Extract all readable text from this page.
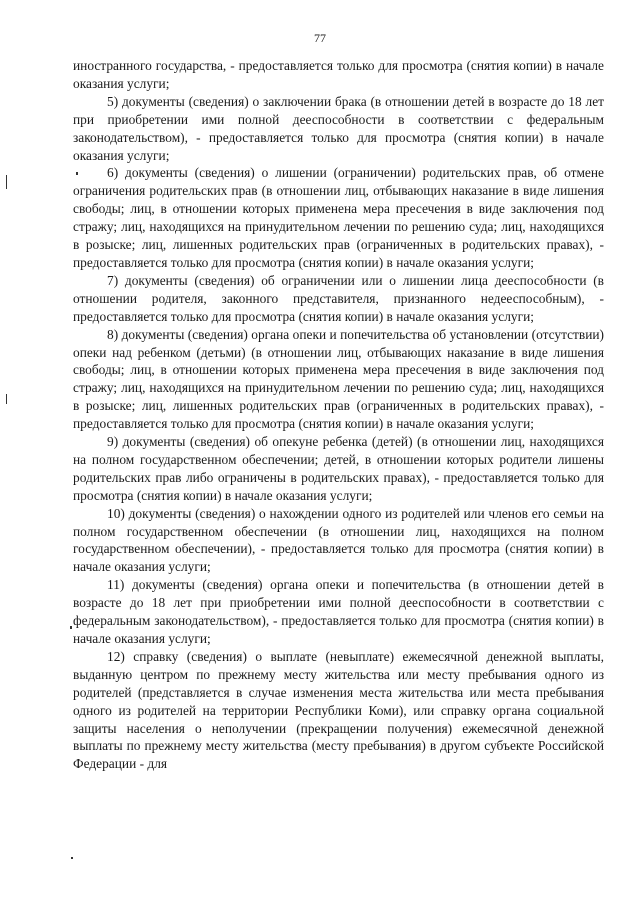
77

иностранного государства, - предоставляется только для просмотра (снятия копии) в начале оказания услуги;

5) документы (сведения) о заключении брака (в отношении детей в возрасте до 18 лет при приобретении ими полной дееспособности в соответствии с федеральным законодательством), - предоставляется только для просмотра (снятия копии) в начале оказания услуги;

6) документы (сведения) о лишении (ограничении) родительских прав, об отмене ограничения родительских прав (в отношении лиц, отбывающих наказание в виде лишения свободы; лиц, в отношении которых применена мера пресечения в виде заключения под стражу; лиц, находящихся на принудительном лечении по решению суда; лиц, находящихся в розыске; лиц, лишенных родительских прав (ограниченных в родительских правах), - предоставляется только для просмотра (снятия копии) в начале оказания услуги;

7) документы (сведения) об ограничении или о лишении лица дееспособности (в отношении родителя, законного представителя, признанного недееспособным), - предоставляется только для просмотра (снятия копии) в начале оказания услуги;

8) документы (сведения) органа опеки и попечительства об установлении (отсутствии) опеки над ребенком (детьми) (в отношении лиц, отбывающих наказание в виде лишения свободы; лиц, в отношении которых применена мера пресечения в виде заключения под стражу; лиц, находящихся на принудительном лечении по решению суда; лиц, находящихся в розыске; лиц, лишенных родительских прав (ограниченных в родительских правах), - предоставляется только для просмотра (снятия копии) в начале оказания услуги;

9) документы (сведения) об опекуне ребенка (детей) (в отношении лиц, находящихся на полном государственном обеспечении; детей, в отношении которых родители лишены родительских прав либо ограничены в родительских правах), - предоставляется только для просмотра (снятия копии) в начале оказания услуги;

10) документы (сведения) о нахождении одного из родителей или членов его семьи на полном государственном обеспечении (в отношении лиц, находящихся на полном государственном обеспечении), - предоставляется только для просмотра (снятия копии) в начале оказания услуги;

11) документы (сведения) органа опеки и попечительства (в отношении детей в возрасте до 18 лет при приобретении ими полной дееспособности в соответствии с федеральным законодательством), - предоставляется только для просмотра (снятия копии) в начале оказания услуги;

12) справку (сведения) о выплате (невыплате) ежемесячной денежной выплаты, выданную центром по прежнему месту жительства или месту пребывания одного из родителей (представляется в случае изменения места жительства или места пребывания одного из родителей на территории Республики Коми), или справку органа социальной защиты населения о неполучении (прекращении получения) ежемесячной денежной выплаты по прежнему месту жительства (месту пребывания) в другом субъекте Российской Федерации - для
